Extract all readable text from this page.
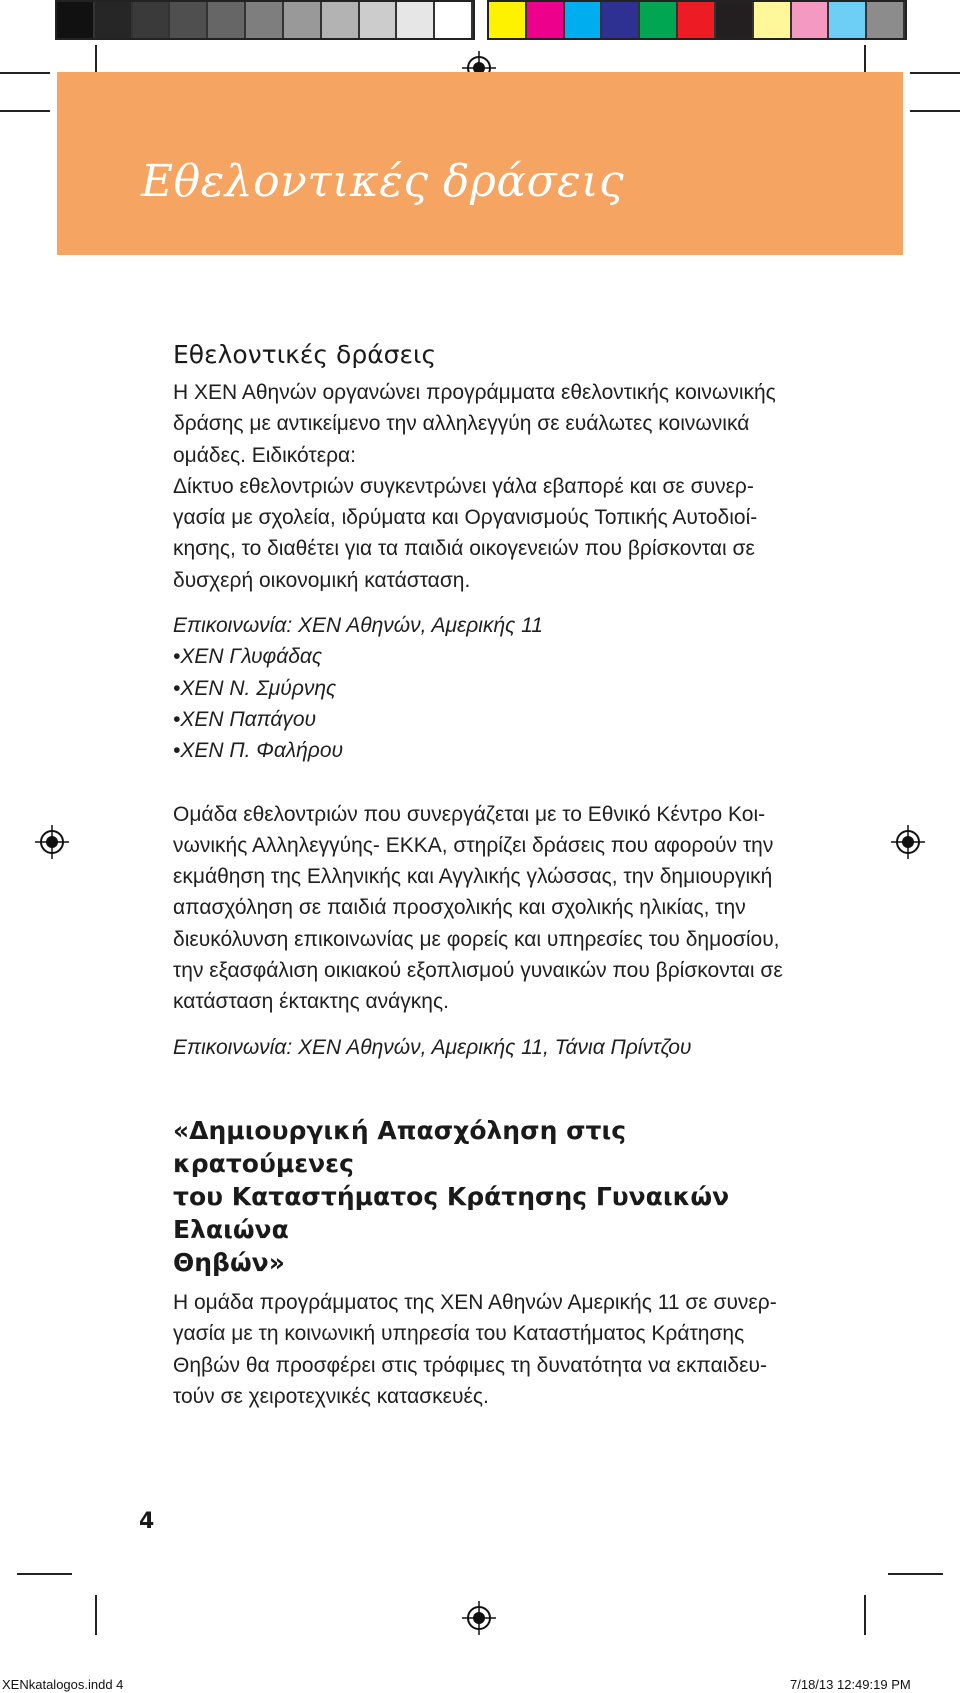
Εθελοντικές δράσεις
Εθελοντικές δράσεις

Η ΧΕΝ Αθηνών οργανώνει προγράμματα εθελοντικής κοινωνικής

δράσης με αντικείμενο την αλληλεγγύη σε ευάλωτες κοινωνικά

ομάδες. Ειδικότερα:

Δίκτυο εθελοντριών συγκεντρώνει γάλα εβαπορέ και σε συνερ-

γασία με σχολεία, ιδρύματα και Οργανισμούς Τοπικής Αυτοδιοί-

κησης, το διαθέτει για τα παιδιά οικογενειών που βρίσκονται σε

δυσχερή οικονομική κατάσταση.

Επικοινωνία: ΧΕΝ Αθηνών, Αμερικής 11

• ΧΕΝ Γλυφάδας

• ΧΕΝ Ν. Σμύρνης

• ΧΕΝ Παπάγου

• ΧΕΝ Π. Φαλήρου

Ομάδα εθελοντριών που συνεργάζεται με το Εθνικό Κέντρο Κοι-

νωνικής Αλληλεγγύης- ΕΚΚΑ, στηρίζει δράσεις που αφορούν την

εκμάθηση της Ελληνικής και Αγγλικής γλώσσας, την δημιουργική

απασχόληση σε παιδιά προσχολικής και σχολικής ηλικίας, την

διευκόλυνση επικοινωνίας με φορείς και υπηρεσίες του δημοσίου,

την εξασφάλιση οικιακού εξοπλισμού γυναικών που βρίσκονται σε

κατάσταση έκτακτης ανάγκης.

Επικοινωνία: ΧΕΝ Αθηνών, Αμερικής 11, Τάνια Πρίντζου

«Δημιουργική Απασχόληση στις κρατούμενες
του Καταστήματος Κράτησης Γυναικών Ελαιώνα
Θηβών»

Η ομάδα προγράμματος της ΧΕΝ Αθηνών Αμερικής 11 σε συνερ-

γασία με τη κοινωνική υπηρεσία του Καταστήματος Κράτησης

Θηβών θα προσφέρει στις τρόφιμες τη δυνατότητα να εκπαιδευ-

τούν σε χειροτεχνικές κατασκευές.

4
XENkatalogos.indd 4	7/18/13 12:49:19 PM
